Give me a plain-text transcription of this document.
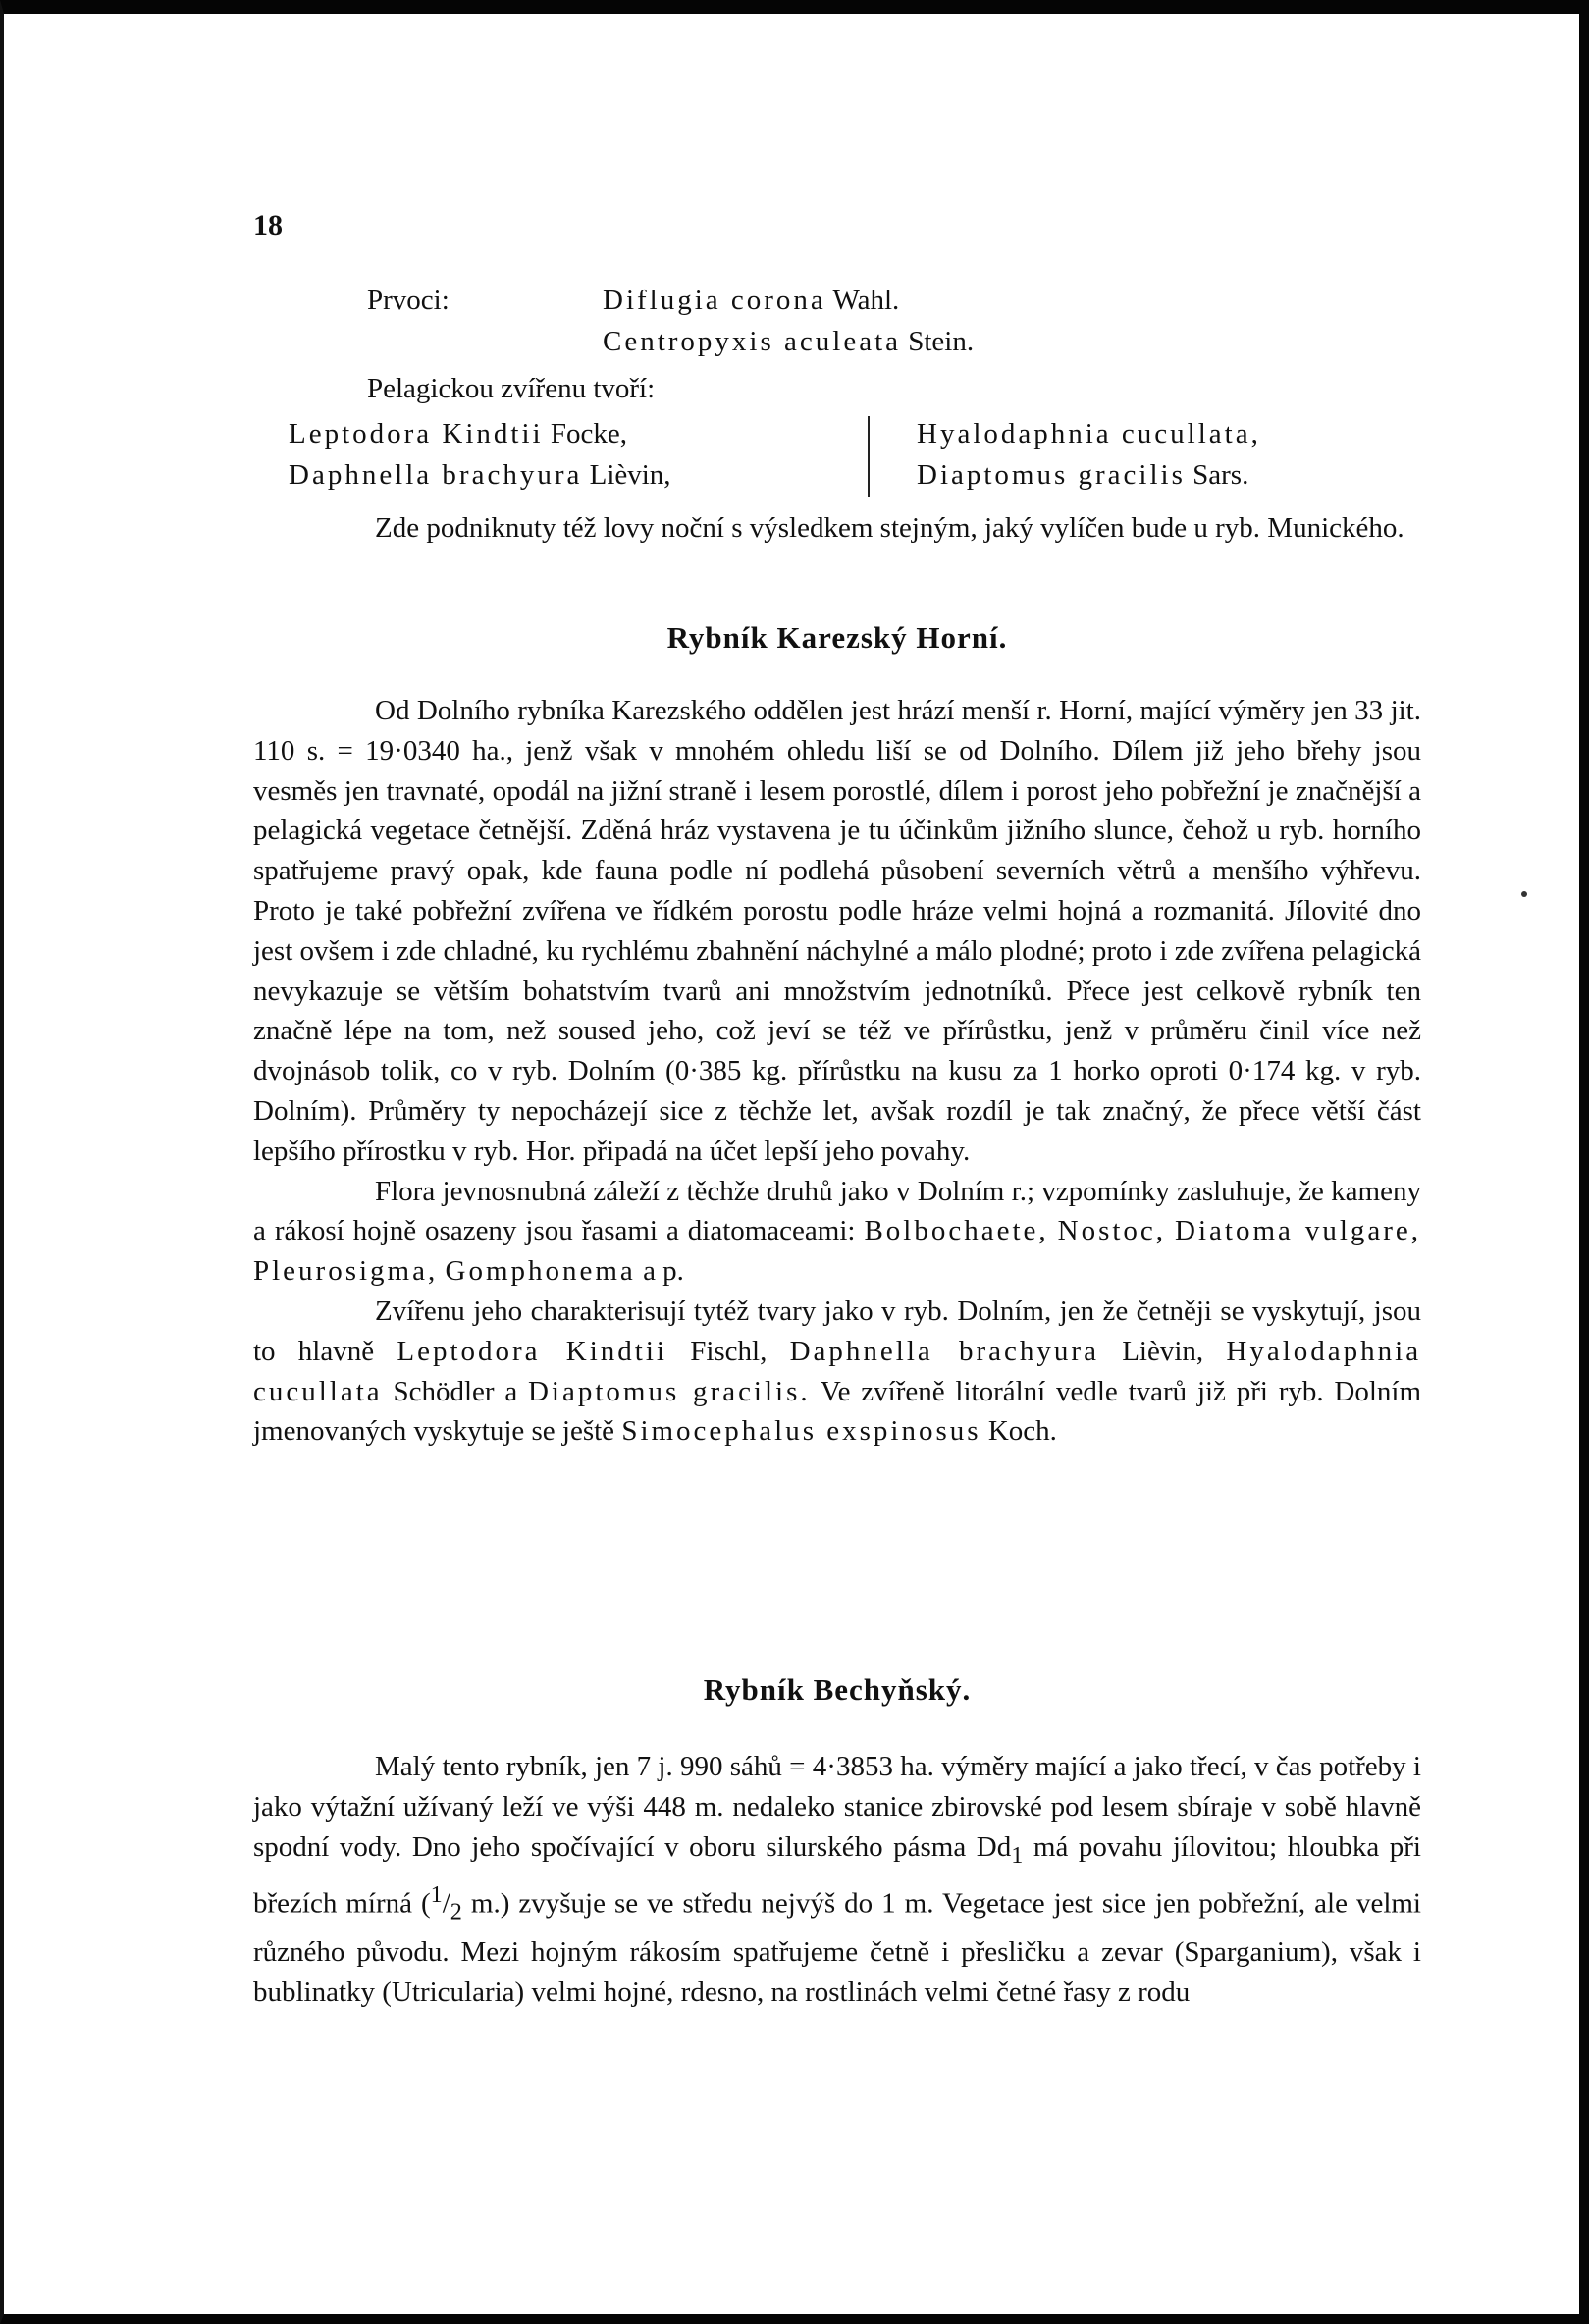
18
Prvoci:	Diflugia corona Wahl.
Centropyxis aculeata Stein.
Pelagickou zvířenu tvoří:
Leptodora Kindtii Focke,
Daphnella brachyura Lièvin,
Hyalodaphnia cucullata,
Diaptomus gracilis Sars.

Zde podniknuty též lovy noční s výsledkem stejným, jaký vylíčen bude u ryb. Munického.

Rybník Karezský Horní.

Od Dolního rybníka Karezského oddělen jest hrází menší r. Horní, mající výměry jen 33 jit. 110 s. = 19·0340 ha., jenž však v mnohém ohledu liší se od Dolního. Dílem již jeho břehy jsou vesměs jen travnaté, opodál na jižní straně i lesem porostlé, dílem i porost jeho pobřežní je značnější a pelagická vegetace četnější. Zděná hráz vystavena je tu účinkům jižního slunce, čehož u ryb. horního spatřujeme pravý opak, kde fauna podle ní podlehá působení severních větrů a menšího výhřevu. Proto je také pobřežní zvířena ve řídkém porostu podle hráze velmi hojná a rozmanitá. Jílovité dno jest ovšem i zde chladné, ku rychlému zbahnění náchylné a málo plodné; proto i zde zvířena pelagická nevykazuje se větším bohatstvím tvarů ani množstvím jednotníků. Přece jest celkově rybník ten značně lépe na tom, než soused jeho, což jeví se též ve přírůstku, jenž v průměru činil více než dvojnásob tolik, co v ryb. Dolním (0·385 kg. přírůstku na kusu za 1 horko oproti 0·174 kg. v ryb. Dolním). Průměry ty nepocházejí sice z těchže let, avšak rozdíl je tak značný, že přece větší část lepšího přírostku v ryb. Hor. připadá na účet lepší jeho povahy.

Flora jevnosnubná záleží z těchže druhů jako v Dolním r.; vzpomínky zasluhuje, že kameny a rákosí hojně osazeny jsou řasami a diatomaceami: Bolbochaete, Nostoc, Diatoma vulgare, Pleurosigma, Gomphonema a p.

Zvířenu jeho charakterisují tytéž tvary jako v ryb. Dolním, jen že četněji se vyskytují, jsou to hlavně Leptodora Kindtii Fischl, Daphnella brachyura Lièvin, Hyalodaphnia cucullata Schödler a Diaptomus gracilis. Ve zvířeně litorální vedle tvarů již při ryb. Dolním jmenovaných vyskytuje se ještě Simocephalus exspinosus Koch.

Rybník Bechyňský.

Malý tento rybník, jen 7 j. 990 sáhů = 4·3853 ha. výměry mající a jako třecí, v čas potřeby i jako výtažní užívaný leží ve výši 448 m. nedaleko stanice zbirovské pod lesem sbíraje v sobě hlavně spodní vody. Dno jeho spočívající v oboru silurského pásma $Dd_1$ má povahu jílovitou; hloubka při březích mírná ($^1/_2$ m.) zvyšuje se ve středu nejvýš do 1 m. Vegetace jest sice jen pobřežní, ale velmi různého původu. Mezi hojným rákosím spatřujeme četně i přesličku a zevar (Sparganium), však i bublinatky (Utricularia) velmi hojné, rdesno, na rostlinách velmi četné řasy z rodu
